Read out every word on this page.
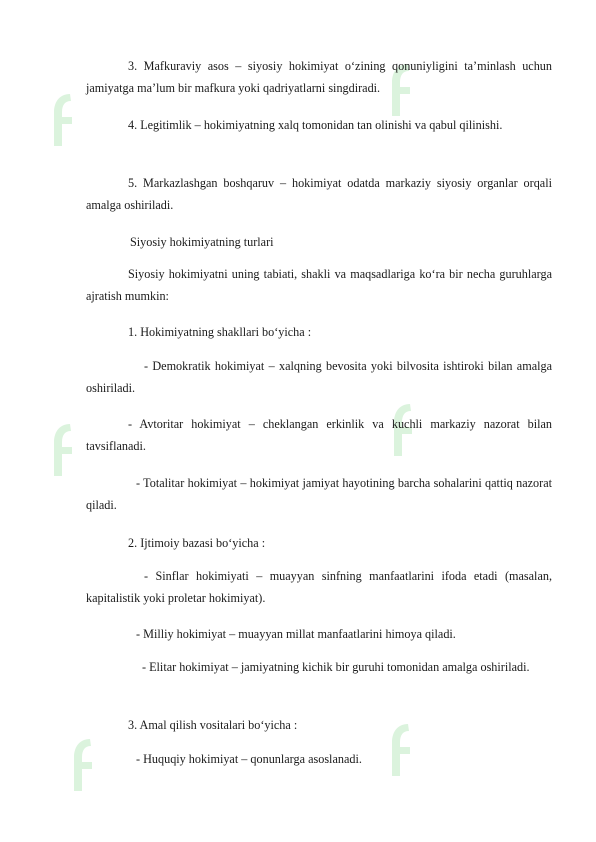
3. Mafkuraviy asos – siyosiy hokimiyat o‘zining qonuniyligini ta’minlash uchun jamiyatga ma’lum bir mafkura yoki qadriyatlarni singdiradi.

4. Legitimlik – hokimiyatning xalq tomonidan tan olinishi va qabul qilinishi.

5. Markazlashgan boshqaruv – hokimiyat odatda markaziy siyosiy organlar orqali amalga oshiriladi.

Siyosiy hokimiyatning turlari

Siyosiy hokimiyatni uning tabiati, shakli va maqsadlariga ko‘ra bir necha guruhlarga ajratish mumkin:

1. Hokimiyatning shakllari bo‘yicha :

- Demokratik hokimiyat – xalqning bevosita yoki bilvosita ishtiroki bilan amalga oshiriladi.

- Avtoritar hokimiyat – cheklangan erkinlik va kuchli markaziy nazorat bilan tavsiflanadi.

- Totalitar hokimiyat – hokimiyat jamiyat hayotining barcha sohalarini qattiq nazorat qiladi.

2. Ijtimoiy bazasi bo‘yicha :

- Sinflar hokimiyati – muayyan sinfning manfaatlarini ifoda etadi (masalan, kapitalistik yoki proletar hokimiyat).

- Milliy hokimiyat – muayyan millat manfaatlarini himoya qiladi.

- Elitar hokimiyat – jamiyatning kichik bir guruhi tomonidan amalga oshiriladi.

3. Amal qilish vositalari bo‘yicha :

- Huquqiy hokimiyat – qonunlarga asoslanadi.
